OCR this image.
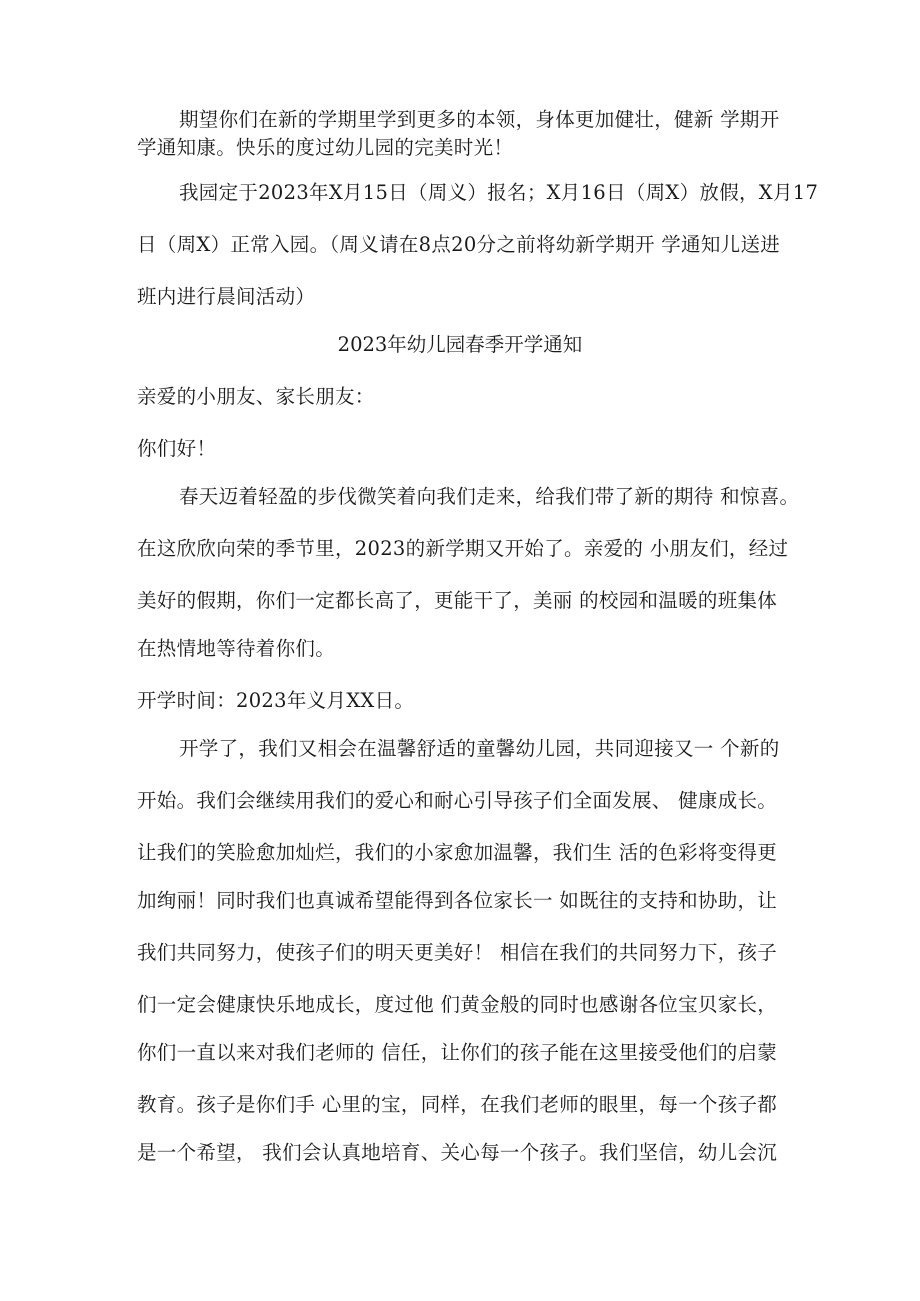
期望你们在新的学期里学到更多的本领，身体更加健壮，健新 学期开
学通知康。快乐的度过幼儿园的完美时光！
我园定于2023年X月15日（周义）报名；X月16日（周X）放假，X月17
日（周X）正常入园。（周义请在8点20分之前将幼新学期开 学通知儿送进
班内进行晨间活动）
2023年幼儿园春季开学通知
亲爱的小朋友、家长朋友：
你们好！
春天迈着轻盈的步伐微笑着向我们走来，给我们带了新的期待 和惊喜。
在这欣欣向荣的季节里，2023的新学期又开始了。亲爱的 小朋友们，经过
美好的假期，你们一定都长高了，更能干了，美丽 的校园和温暖的班集体
在热情地等待着你们。
开学时间：2023年义月XX日。
开学了，我们又相会在温馨舒适的童馨幼儿园，共同迎接又一 个新的
开始。我们会继续用我们的爱心和耐心引导孩子们全面发展、 健康成长。
让我们的笑脸愈加灿烂，我们的小家愈加温馨，我们生 活的色彩将变得更
加绚丽！同时我们也真诚希望能得到各位家长一 如既往的支持和协助，让
我们共同努力，使孩子们的明天更美好！ 相信在我们的共同努力下，孩子
们一定会健康快乐地成长，度过他 们黄金般的同时也感谢各位宝贝家长，
你们一直以来对我们老师的 信任，让你们的孩子能在这里接受他们的启蒙
教育。孩子是你们手 心里的宝，同样，在我们老师的眼里，每一个孩子都
是一个希望， 我们会认真地培育、关心每一个孩子。我们坚信，幼儿会沉
